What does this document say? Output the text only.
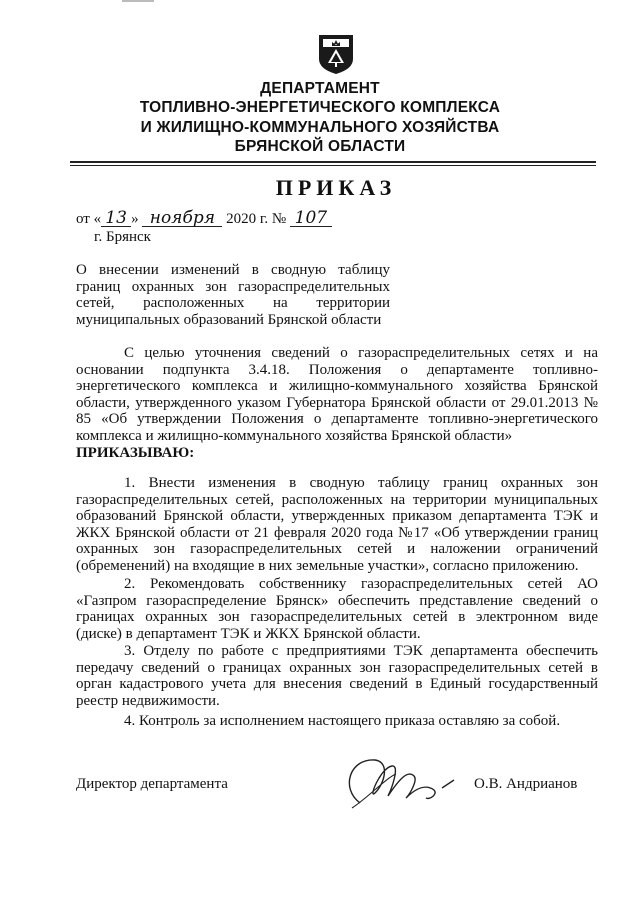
ДЕПАРТАМЕНТ
ТОПЛИВНО-ЭНЕРГЕТИЧЕСКОГО КОМПЛЕКСА
И ЖИЛИЩНО-КОММУНАЛЬНОГО ХОЗЯЙСТВА
БРЯНСКОЙ ОБЛАСТИ
ПРИКАЗ
от « 13 » ноября 2020 г. № 107
г. Брянск
О внесении изменений в сводную таблицу границ охранных зон газораспределительных сетей, расположенных на территории муниципальных образований Брянской области
С целью уточнения сведений о газораспределительных сетях и на основании подпункта 3.4.18. Положения о департаменте топливно-энергетического комплекса и жилищно-коммунального хозяйства Брянской области, утвержденного указом Губернатора Брянской области от 29.01.2013 № 85 «Об утверждении Положения о департаменте топливно-энергетического комплекса и жилищно-коммунального хозяйства Брянской области»
ПРИКАЗЫВАЮ:
1. Внести изменения в сводную таблицу границ охранных зон газораспределительных сетей, расположенных на территории муниципальных образований Брянской области, утвержденных приказом департамента ТЭК и ЖКХ Брянской области от 21 февраля 2020 года №17 «Об утверждении границ охранных зон газораспределительных сетей и наложении ограничений (обременений) на входящие в них земельные участки», согласно приложению.
2. Рекомендовать собственнику газораспределительных сетей АО «Газпром газораспределение Брянск» обеспечить представление сведений о границах охранных зон газораспределительных сетей в электронном виде (диске) в департамент ТЭК и ЖКХ Брянской области.
3. Отделу по работе с предприятиями ТЭК департамента обеспечить передачу сведений о границах охранных зон газораспределительных сетей в орган кадастрового учета для внесения сведений в Единый государственный реестр недвижимости.
4. Контроль за исполнением настоящего приказа оставляю за собой.
Директор департамента	О.В. Андрианов
